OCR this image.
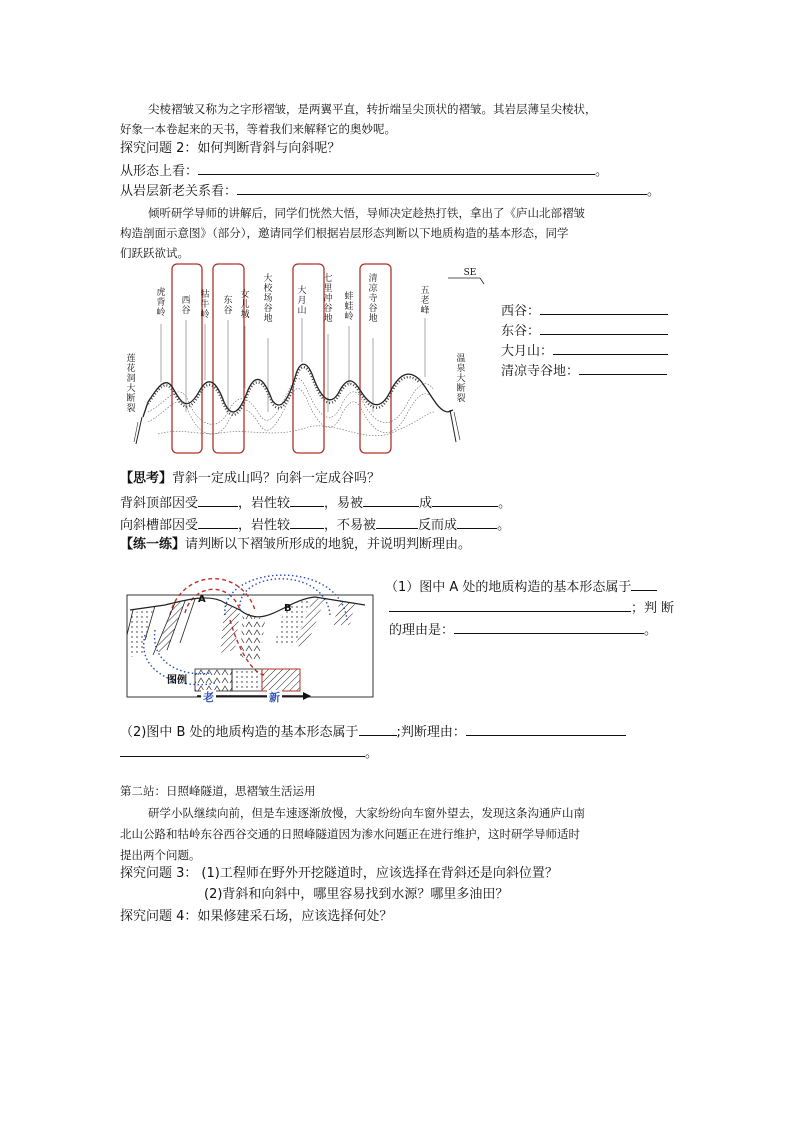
尖棱褶皱又称为之字形褶皱，是两翼平直，转折端呈尖顶状的褶皱。其岩层薄呈尖棱状，
好象一本卷起来的天书，等着我们来解释它的奥妙呢。
探究问题 2：如何判断背斜与向斜呢？
从形态上看：	。
从岩层新老关系看：	。
倾听研学导师的讲解后，同学们恍然大悟，导师决定趁热打铁，拿出了《庐山北部褶皱
构造剖面示意图》（部分），邀请同学们根据岩层形态判断以下地质构造的基本形态，同学
们跃跃欲试。
SE
虎背岭
西谷
牯牛岭
东谷
女儿城
大校场谷地
大月山
七里冲谷地
蚌蛙岭
清凉寺谷地
五老峰
莲花洞大断裂
温泉大断裂
西谷：
东谷：
大月山：
清凉寺谷地：
【思考】背斜一定成山吗？向斜一定成谷吗？
背斜顶部因受	，岩性较	，易被	成	。
向斜槽部因受	，岩性较	，不易被	反而成	。
【练一练】请判断以下褶皱所形成的地貌，并说明判断理由。
A
B
图例
老	新
（1）图中 A 处的地质构造的基本形态属于
；判 断
的理由是：	。
（2)图中 B 处的地质构造的基本形态属于	;判断理由：
。
第二站：日照峰隧道，思褶皱生活运用
研学小队继续向前，但是车速逐渐放慢，大家纷纷向车窗外望去，发现这条沟通庐山南
北山公路和牯岭东谷西谷交通的日照峰隧道因为渗水问题正在进行维护，这时研学导师适时
提出两个问题。
探究问题 3： (1)工程师在野外开挖隧道时，应该选择在背斜还是向斜位置？
(2)背斜和向斜中，哪里容易找到水源？哪里多油田？
探究问题 4：如果修建采石场，应该选择何处？
